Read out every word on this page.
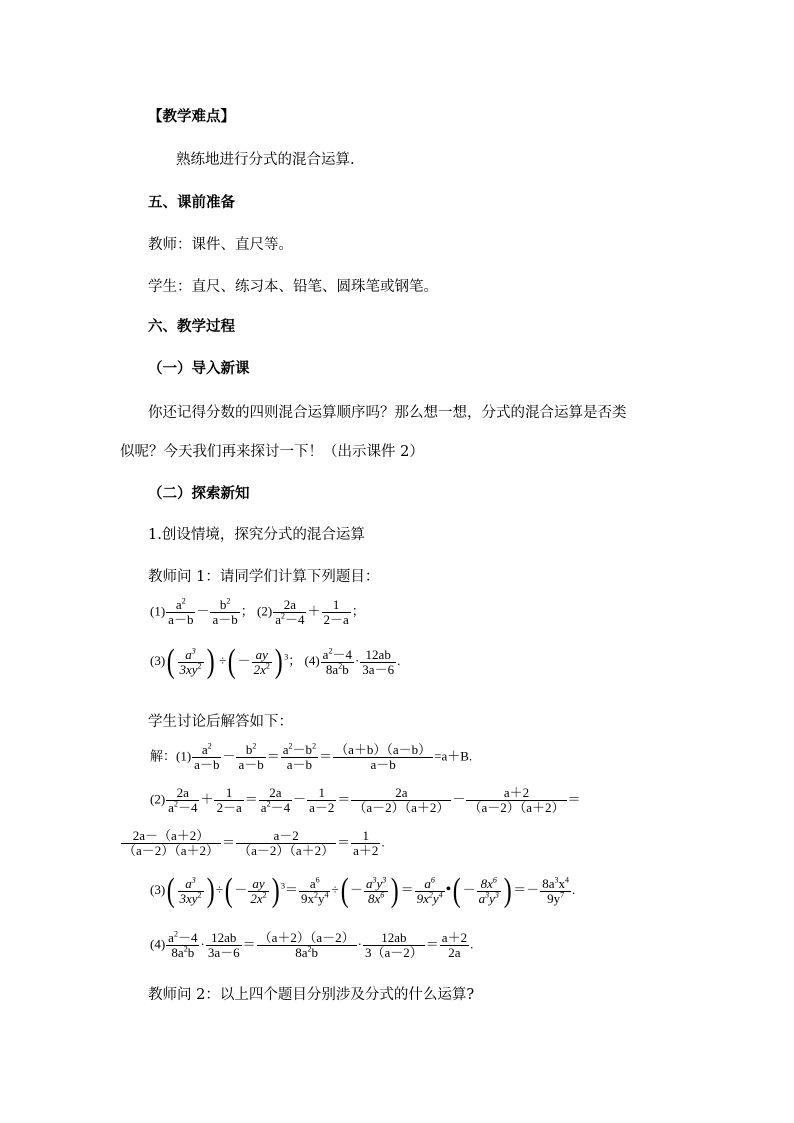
【教学难点】
熟练地进行分式的混合运算.
五、课前准备
教师：课件、直尺等。
学生：直尺、练习本、铅笔、圆珠笔或钢笔。
六、教学过程
（一）导入新课
你还记得分数的四则混合运算顺序吗？那么想一想，分式的混合运算是否类
似呢？今天我们再来探讨一下！（出示课件 2）
（二）探索新知
1.创设情境，探究分式的混合运算
教师问 1：请同学们计算下列题目：
$(1) \frac{a^2}{a-b} - \frac{b^2}{a-b}$ ； $(2) \frac{2a}{a^2-4} + \frac{1}{2-a}$ ；
$(3)( \frac{a^3}{3xy^2}$ ) ÷( － $\frac{ay}{2x^2}$ ) $^3$； $(4) \frac{a^2-4}{8a^2b} \cdot \frac{12ab}{3a-6}$ .
学生讨论后解答如下：
解：$(1) \frac{a^2}{a-b} - \frac{b^2}{a-b} = \frac{a^2-b^2}{a-b} = \frac{(a+b)(a-b)}{a-b} =a+B$.
$(2) \frac{2a}{a^2-4} + \frac{1}{2-a} = \frac{2a}{a^2-4} - \frac{1}{a-2} = \frac{2a}{(a-2)(a+2)} - \frac{a+2}{(a-2)(a+2)}$ ＝
$\frac{2a-(a+2)}{(a-2)(a+2)} = \frac{a-2}{(a-2)(a+2)} = \frac{1}{a+2}$ .
$(3)( \frac{a^3}{3xy^2}$ ) ÷( － $\frac{ay}{2x^2}$ ) $^3= \frac{a^6}{9x^2y^4}$ ÷( － $\frac{a^3y^3}{8x^6}$ ) ＝ $\frac{a^6}{9x^2y^4}$ •( － $\frac{8x^6}{a^3y^3}$ ) ＝－ $\frac{8a^3x^4}{9y^7}$ .
$(4) \frac{a^2-4}{8a^2b} \cdot \frac{12ab}{3a-6} = \frac{(a+2)(a-2)}{8a^2b} \cdot \frac{12ab}{3(a-2)} = \frac{a+2}{2a}$ .
教师问 2：以上四个题目分别涉及分式的什么运算?
